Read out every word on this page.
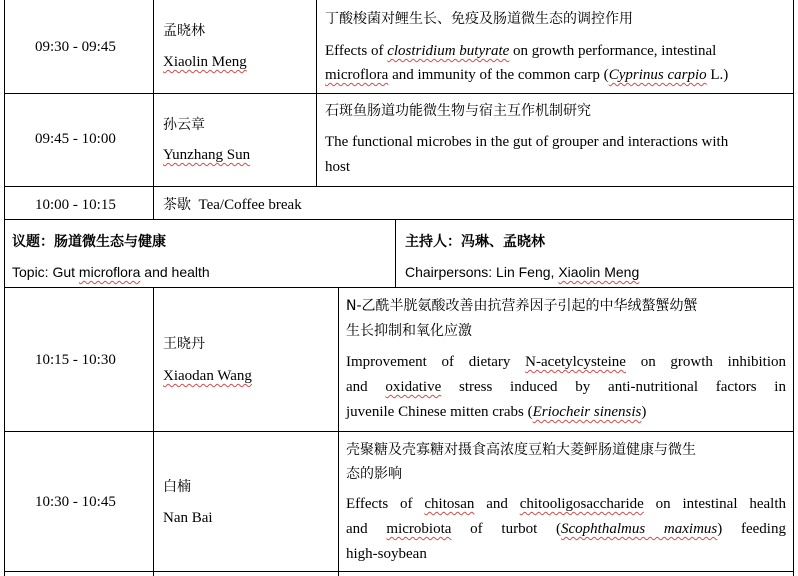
09:30 - 09:45
孟晓林
Xiaolin Meng
丁酸梭菌对鲤生长、免疫及肠道微生态的调控作用
Effects of clostridium butyrate on growth performance, intestinal
microflora and immunity of the common carp (Cyprinus carpio L.)
09:45 - 10:00
孙云章
Yunzhang Sun
石斑鱼肠道功能微生物与宿主互作机制研究
The functional microbes in the gut of grouper and interactions with
host
10:00 - 10:15	茶歇 Tea/Coffee break
议题：肠道微生态与健康
Topic: Gut microflora and health
主持人：冯琳、孟晓林
Chairpersons: Lin Feng, Xiaolin Meng
10:15 - 10:30
王晓丹
Xiaodan Wang
N-乙酰半胱氨酸改善由抗营养因子引起的中华绒螯蟹幼蟹
生长抑制和氧化应激
Improvement of dietary N-acetylcysteine on growth inhibition
and oxidative stress induced by anti-nutritional factors in
juvenile Chinese mitten crabs (Eriocheir sinensis)
10:30 - 10:45
白楠
Nan Bai
壳聚糖及壳寡糖对摄食高浓度豆粕大菱鲆肠道健康与微生
态的影响
Effects of chitosan and chitooligosaccharide on intestinal health
and microbiota of turbot (Scophthalmus maximus) feeding
high-soybean
